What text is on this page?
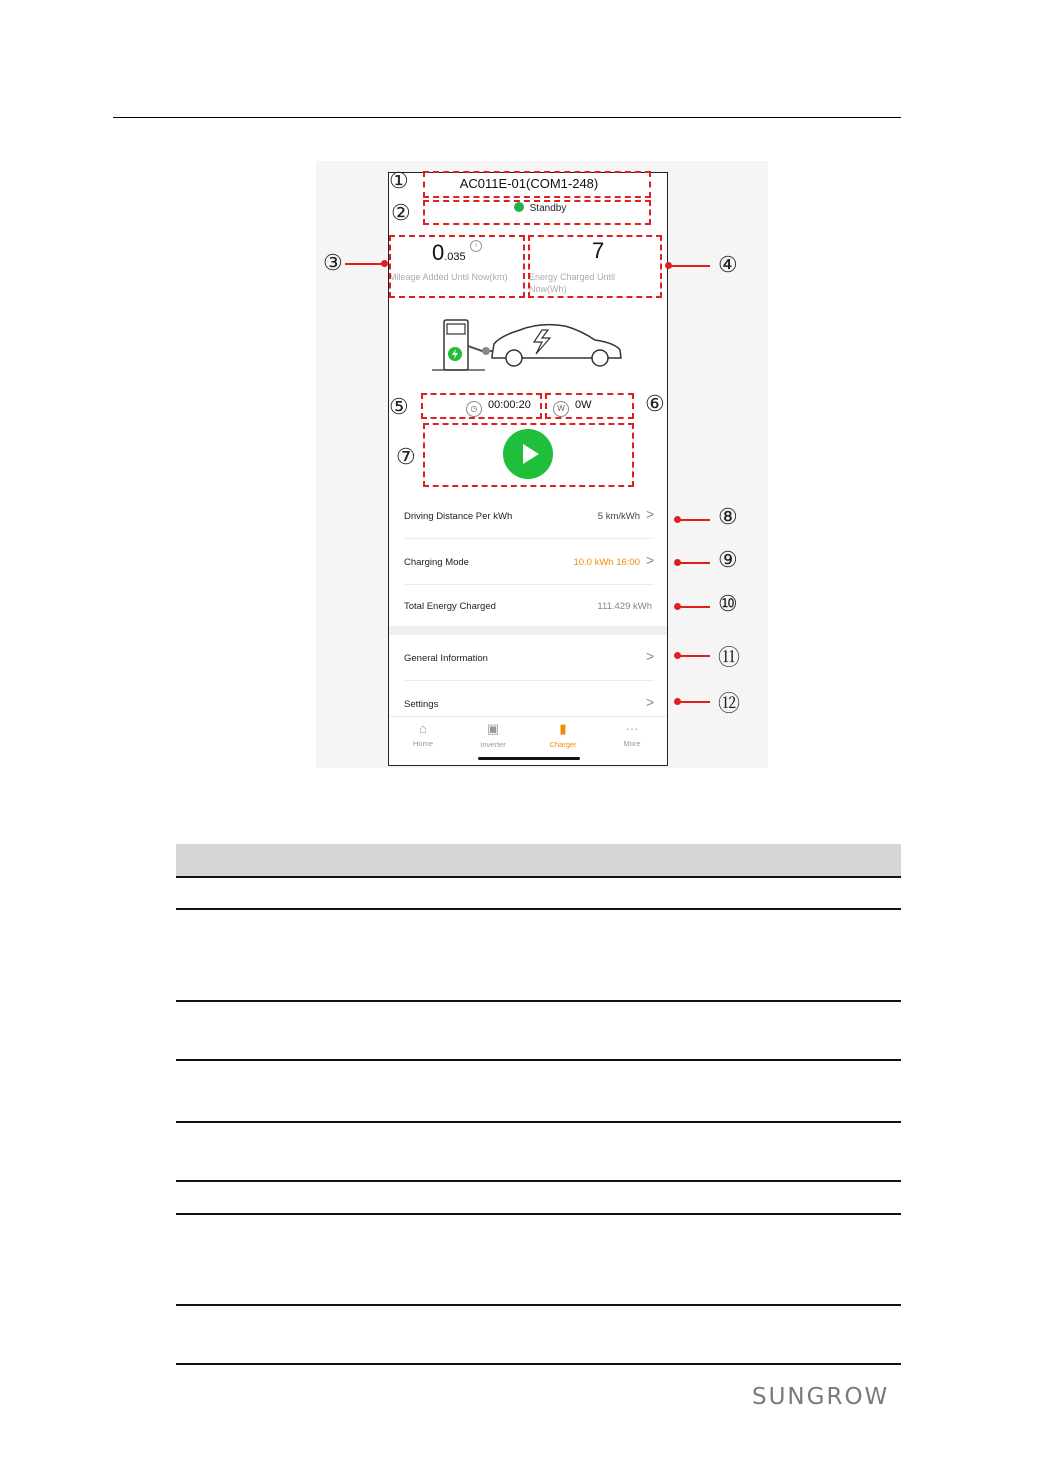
AC011E-01(COM1-248)
Standby
0.035 i
Mileage Added Until Now(km)
7
Energy Charged Until
Now(Wh)
◷ 00:00:20	W 0W
Driving Distance Per kWh	5 km/kWh >
Charging Mode	10.0 kWh 16:00 >
Total Energy Charged	111.429 kWh
General Information	>
Settings	>
⌂
Home
▣
Inverter
▮
Charger
···
More
①
②
③	④
⑤	⑥
⑦
⑧
⑨
⑩
⑪
⑫
SUNGROW
